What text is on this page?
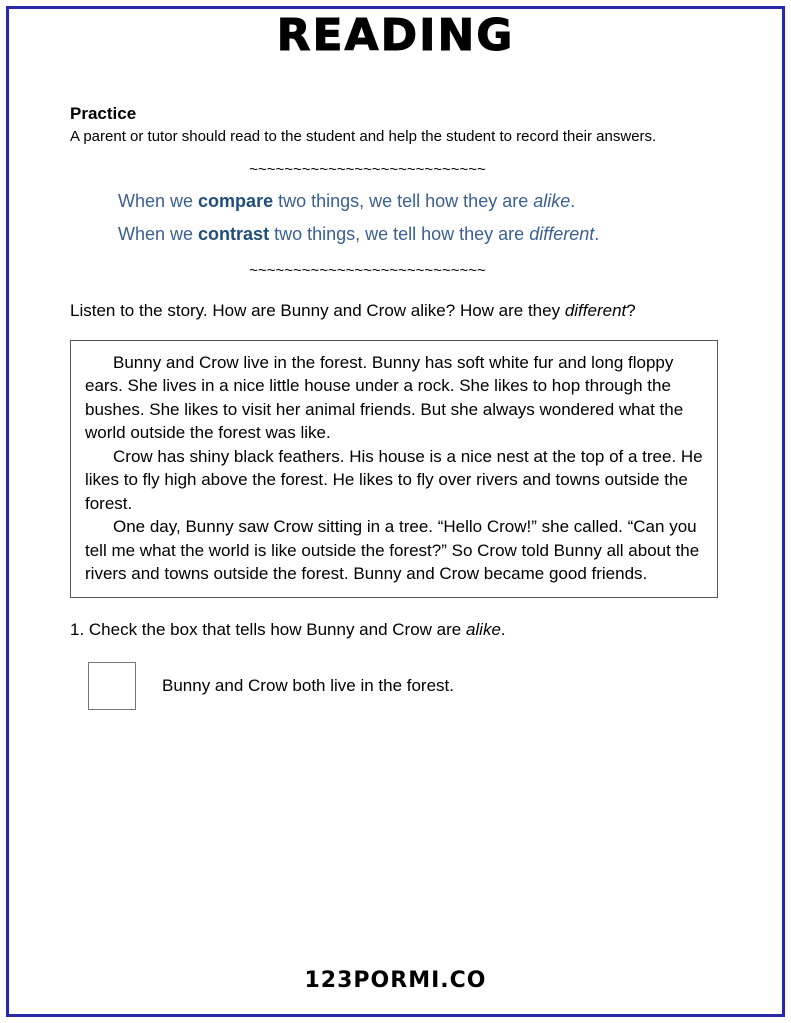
READING
Practice

A parent or tutor should read to the student and help the student to record their answers.

~~~~~~~~~~~~~~~~~~~~~~~~~~~
When we compare two things, we tell how they are alike.
When we contrast two things, we tell how they are different.
~~~~~~~~~~~~~~~~~~~~~~~~~~~

Listen to the story. How are Bunny and Crow alike? How are they different?

Bunny and Crow live in the forest. Bunny has soft white fur and long floppy ears. She lives in a nice little house under a rock. She likes to hop through the bushes. She likes to visit her animal friends. But she always wondered what the world outside the forest was like.

Crow has shiny black feathers. His house is a nice nest at the top of a tree. He likes to fly high above the forest. He likes to fly over rivers and towns outside the forest.

One day, Bunny saw Crow sitting in a tree. “Hello Crow!” she called. “Can you tell me what the world is like outside the forest?” So Crow told Bunny all about the rivers and towns outside the forest. Bunny and Crow became good friends.

1. Check the box that tells how Bunny and Crow are alike.

Bunny and Crow both live in the forest.
123PORMI.CO
